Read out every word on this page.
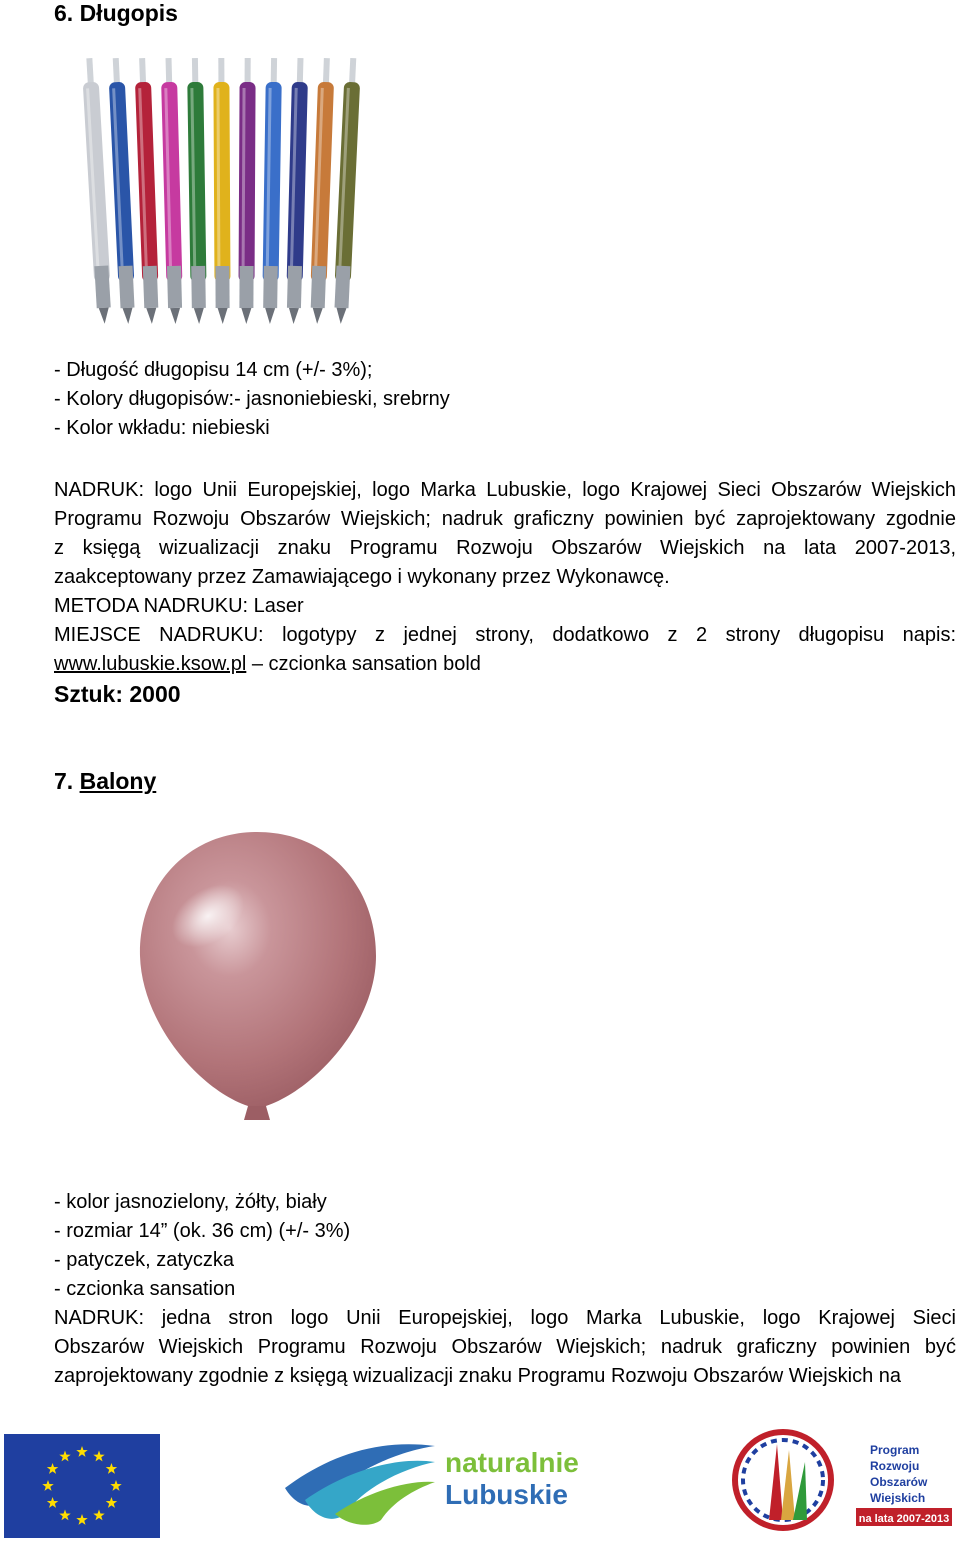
6. Długopis
- Długość długopisu 14 cm (+/- 3%);
- Kolory długopisów:- jasnoniebieski, srebrny
- Kolor wkładu: niebieski
NADRUK: logo Unii Europejskiej, logo Marka Lubuskie, logo Krajowej Sieci Obszarów Wiejskich
Programu Rozwoju Obszarów Wiejskich; nadruk graficzny powinien być zaprojektowany zgodnie
z księgą wizualizacji znaku Programu Rozwoju Obszarów Wiejskich na lata 2007-2013,
zaakceptowany przez Zamawiającego i wykonany przez Wykonawcę.
METODA NADRUKU: Laser
MIEJSCE NADRUKU: logotypy z jednej strony, dodatkowo z 2 strony długopisu napis:
www.lubuskie.ksow.pl – czcionka sansation bold
Sztuk: 2000
7. Balony
- kolor jasnozielony, żółty, biały
- rozmiar 14” (ok. 36 cm) (+/- 3%)
- patyczek, zatyczka
- czcionka sansation
NADRUK: jedna stron logo Unii Europejskiej, logo Marka Lubuskie, logo Krajowej Sieci
Obszarów Wiejskich Programu Rozwoju Obszarów Wiejskich; nadruk graficzny powinien być
zaprojektowany zgodnie z księgą wizualizacji znaku Programu Rozwoju Obszarów Wiejskich na
naturalnie
Lubuskie
Program
Rozwoju
Obszarów
Wiejskich
na lata 2007-2013
